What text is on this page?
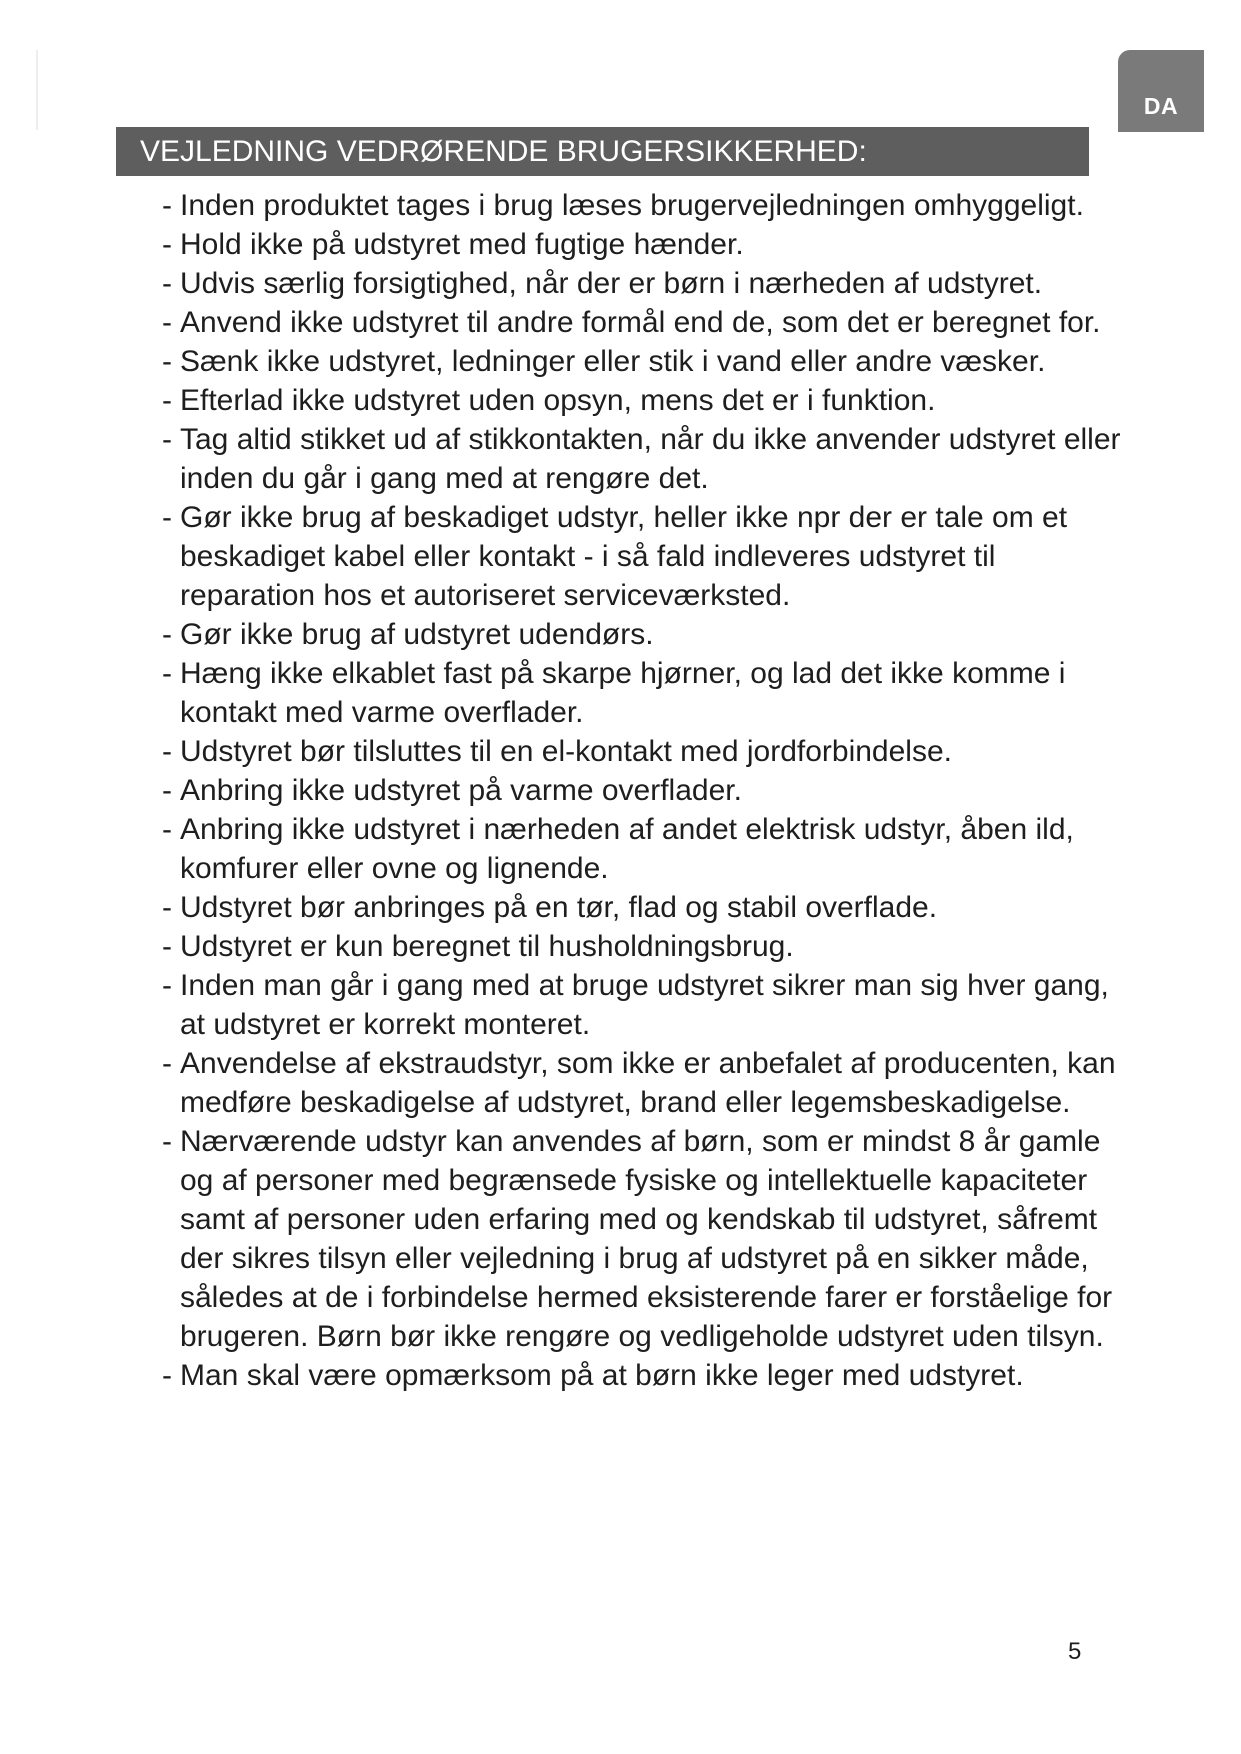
DA
VEJLEDNING VEDRØRENDE BRUGERSIKKERHED:
- Inden produktet tages i brug læses brugervejledningen omhyggeligt.
- Hold ikke på udstyret med fugtige hænder.
- Udvis særlig forsigtighed, når der er børn i nærheden af udstyret.
- Anvend ikke udstyret til andre formål end de, som det er beregnet for.
- Sænk ikke udstyret, ledninger eller stik i vand eller andre væsker.
- Efterlad ikke udstyret uden opsyn, mens det er i funktion.
- Tag altid stikket ud af stikkontakten, når du ikke anvender udstyret eller inden du går i gang med at rengøre det.
- Gør ikke brug af beskadiget udstyr, heller ikke npr der er tale om et beskadiget kabel eller kontakt - i så fald indleveres udstyret til reparation hos et autoriseret serviceværksted.
- Gør ikke brug af udstyret udendørs.
- Hæng ikke elkablet fast på skarpe hjørner, og lad det ikke komme i kontakt med varme overflader.
- Udstyret bør tilsluttes til en el-kontakt med jordforbindelse.
- Anbring ikke udstyret på varme overflader.
- Anbring ikke udstyret i nærheden af andet elektrisk udstyr, åben ild, komfurer eller ovne og lignende.
- Udstyret bør anbringes på en tør, flad og stabil overflade.
- Udstyret er kun beregnet til husholdningsbrug.
- Inden man går i gang med at bruge udstyret sikrer man sig hver gang, at udstyret er korrekt monteret.
- Anvendelse af ekstraudstyr, som ikke er anbefalet af producenten, kan medføre beskadigelse af udstyret, brand eller legemsbeskadigelse.
- Nærværende udstyr kan anvendes af børn, som er mindst 8 år gamle og af personer med begrænsede fysiske og intellektuelle kapaciteter samt af personer uden erfaring med og kendskab til udstyret, såfremt der sikres tilsyn eller vejledning i brug af udstyret på en sikker måde, således at de i forbindelse hermed eksisterende farer er forståelige for brugeren. Børn bør ikke rengøre og vedligeholde udstyret uden tilsyn.
- Man skal være opmærksom på at børn ikke leger med udstyret.
5
